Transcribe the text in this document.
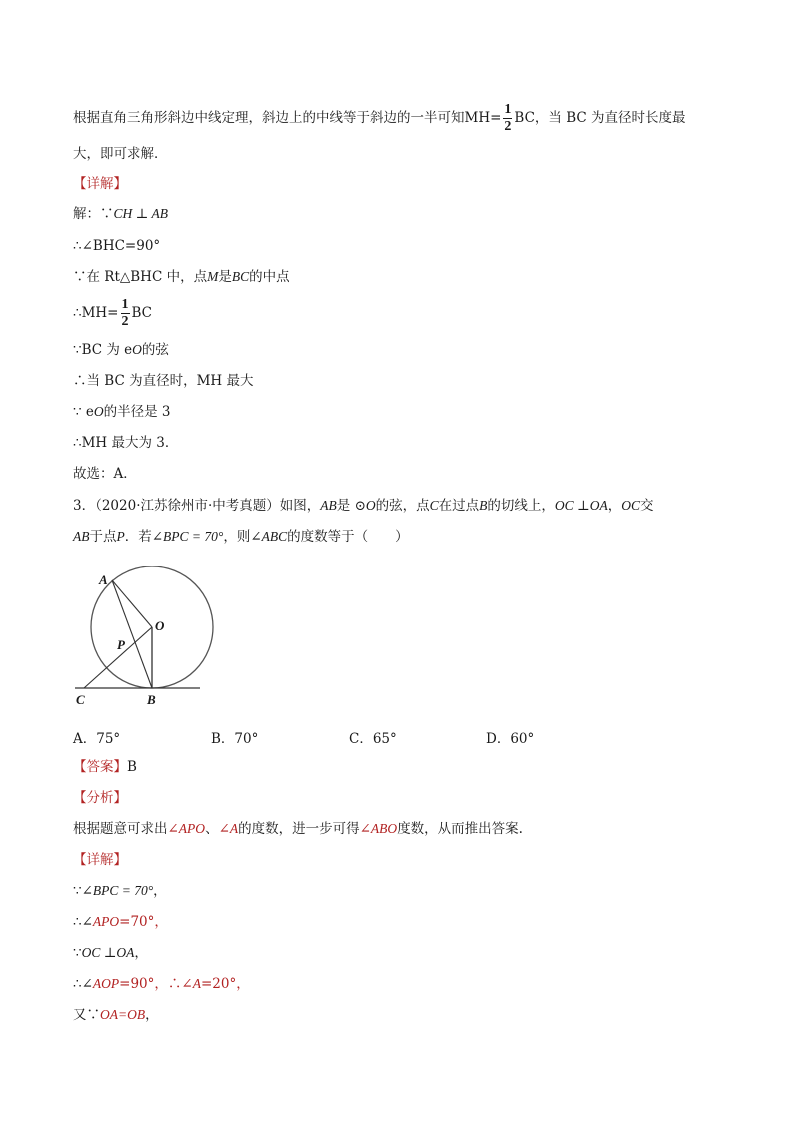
根据直角三角形斜边中线定理，斜边上的中线等于斜边的一半可知$MH= \frac{1}{2}$ BC，当 BC 为直径时长度最
大，即可求解．
【详解】
解：∵CH ⊥ AB
∴∠BHC=90°
∵在 Rt△BHC 中，点M是BC的中点
∴MH= $\frac{1}{2}$ BC
∵BC 为 eO的弦
∴当 BC 为直径时，MH 最大
∵ eO的半径是 3
∴MH 最大为 3．
故选：A．
3．（2020·江苏徐州市·中考真题）如图，AB是 ⊙O的弦，点C在过点B的切线上，OC ⊥OA，OC交
AB于点P．若∠BPC = 70°，则∠ABC的度数等于（　　）
A
O
P
C	B
A．75°	B．70°	C．65°	D．60°
【答案】B
【分析】
根据题意可求出∠APO、∠A的度数，进一步可得∠ABO度数，从而推出答案.
【详解】
∵∠BPC = 70°，
∴∠APO=70°，
∵OC ⊥OA，
∴∠AOP=90°，∴∠A=20°，
又∵OA=OB，
